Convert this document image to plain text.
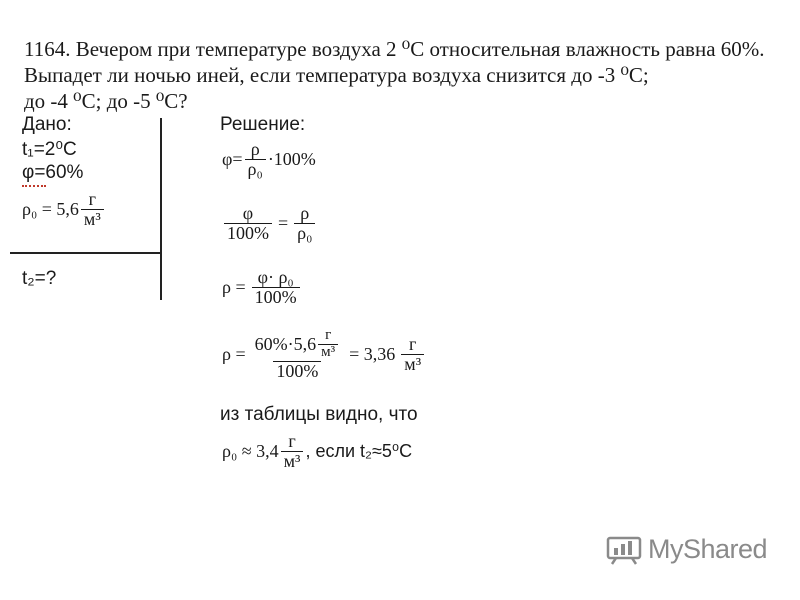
1164. Вечером при температуре воздуха 2 ⁰С относительная влажность равна 60%.
Выпадет ли ночью иней, если температура воздуха снизится до -3 ⁰С;
до -4 ⁰С; до -5 ⁰С?
Дано:
t₁=2⁰С
φ=60%
$\rho_0 = 5,6 \frac{г}{\text{м³}}$
t₂=?
Решение:
$\varphi= \frac{\rho}{\text{ρ₀}} \cdot 100\%$
$\frac{\varphi}{100\%} = \frac{\rho}{\text{ρ₀}}$
$\rho = \frac{\text{φ· ρ₀}}{100\%}$
$\rho = \frac{60\%\cdot 5,6 \frac{г}{\text{м³}}}{100\%} = 3,36 \frac{г}{\text{м³}}$
из таблицы видно, что
$\rho_0 \approx 3,4 \frac{г}{\text{м³}}$ , если t₂≈5⁰С
MyShared
